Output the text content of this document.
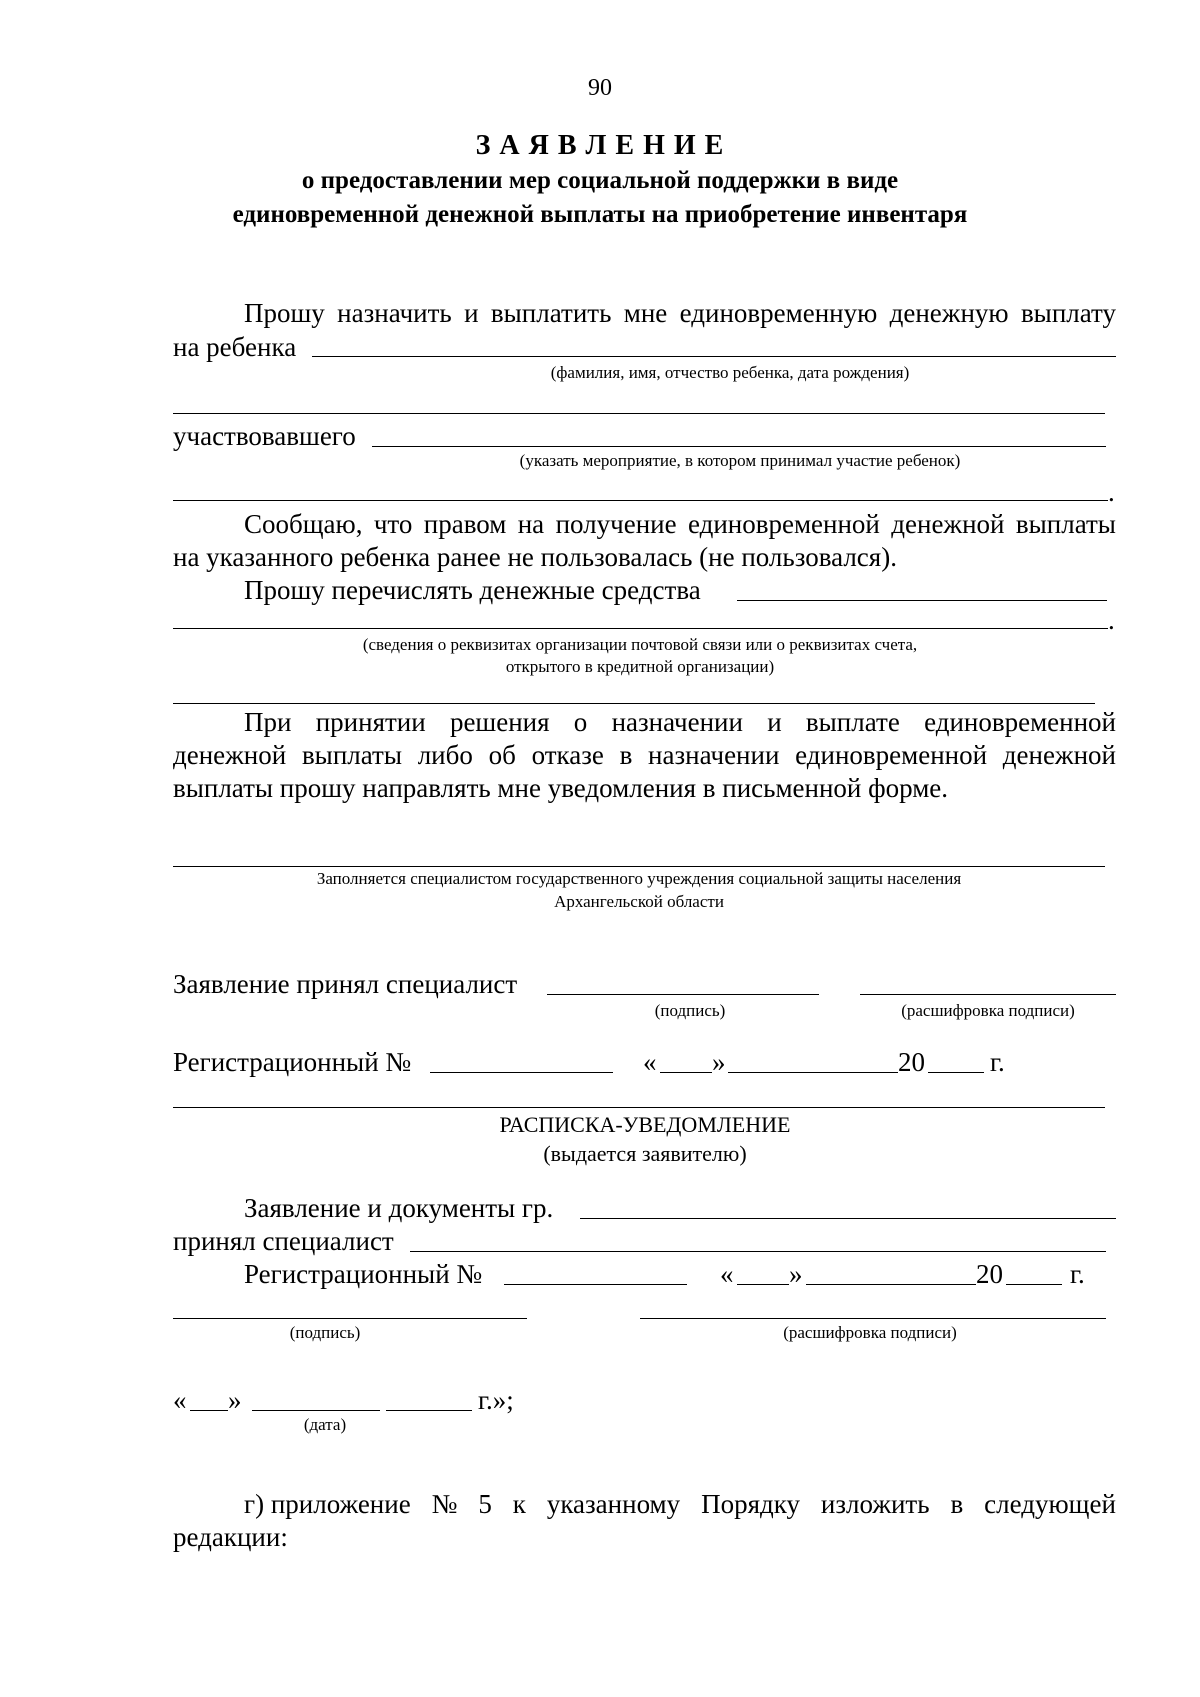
90
З А Я В Л Е Н И Е
о предоставлении мер социальной поддержки в виде
единовременной денежной выплаты на приобретение инвентаря
Прошу назначить и выплатить мне единовременную денежную выплату
на ребенка
(фамилия, имя, отчество ребенка, дата рождения)
участвовавшего
(указать мероприятие, в котором принимал участие ребенок)
.
Сообщаю, что правом на получение единовременной денежной выплаты
на указанного ребенка ранее не пользовалась (не пользовался).
Прошу перечислять денежные средства
.
(сведения о реквизитах организации почтовой связи или о реквизитах счета,
открытого в кредитной организации)
При принятии решения о назначении и выплате единовременной
денежной выплаты либо об отказе в назначении единовременной денежной
выплаты прошу направлять мне уведомления в письменной форме.
Заполняется специалистом государственного учреждения социальной защиты населения
Архангельской области
Заявление принял специалист
(подпись)	(расшифровка подписи)
Регистрационный №	« »	20 г.
РАСПИСКА-УВЕДОМЛЕНИЕ
(выдается заявителю)
Заявление и документы гр.
принял специалист
Регистрационный №	« »	20 г.
(подпись)	(расшифровка подписи)
« »	г.»;
(дата)
г) приложение № 5 к указанному Порядку изложить в следующей
редакции:
